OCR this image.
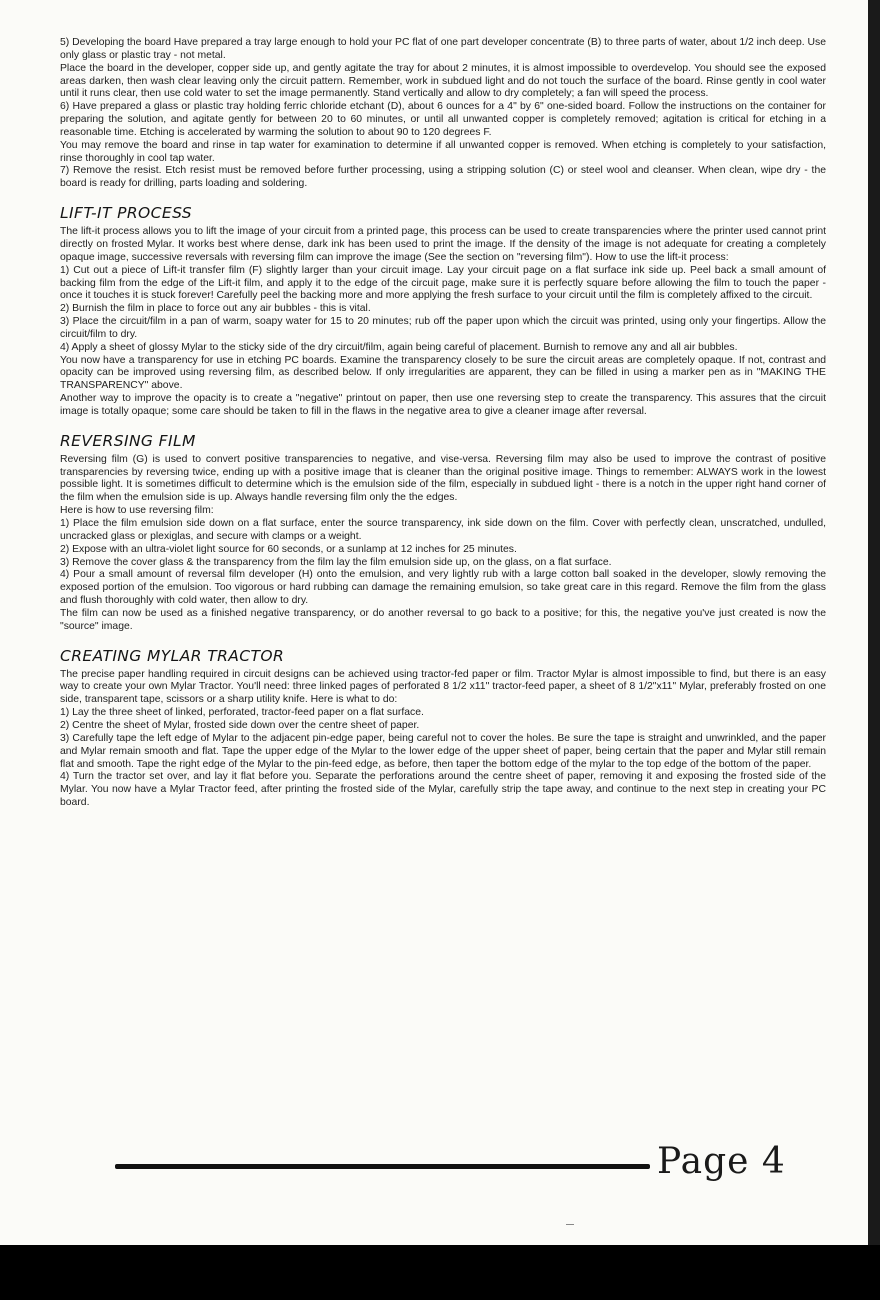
5) Developing the board Have prepared a tray large enough to hold your PC flat of one part developer concentrate (B) to three parts of water, about 1/2 inch deep. Use only glass or plastic tray - not metal.

Place the board in the developer, copper side up, and gently agitate the tray for about 2 minutes, it is almost impossible to overdevelop. You should see the exposed areas darken, then wash clear leaving only the circuit pattern. Remember, work in subdued light and do not touch the surface of the board. Rinse gently in cool water until it runs clear, then use cold water to set the image permanently. Stand vertically and allow to dry completely; a fan will speed the process.

6) Have prepared a glass or plastic tray holding ferric chloride etchant (D), about 6 ounces for a 4" by 6" one-sided board. Follow the instructions on the container for preparing the solution, and agitate gently for between 20 to 60 minutes, or until all unwanted copper is completely removed; agitation is critical for etching in a reasonable time. Etching is accelerated by warming the solution to about 90 to 120 degrees F.

You may remove the board and rinse in tap water for examination to determine if all unwanted copper is removed. When etching is completely to your satisfaction, rinse thoroughly in cool tap water.

7) Remove the resist. Etch resist must be removed before further processing, using a stripping solution (C) or steel wool and cleanser. When clean, wipe dry - the board is ready for drilling, parts loading and soldering.

LIFT-IT PROCESS

The lift-it process allows you to lift the image of your circuit from a printed page, this process can be used to create transparencies where the printer used cannot print directly on frosted Mylar. It works best where dense, dark ink has been used to print the image. If the density of the image is not adequate for creating a completely opaque image, successive reversals with reversing film can improve the image (See the section on "reversing film"). How to use the lift-it process:

1) Cut out a piece of Lift-it transfer film (F) slightly larger than your circuit image. Lay your circuit page on a flat surface ink side up. Peel back a small amount of backing film from the edge of the Lift-it film, and apply it to the edge of the circuit page, make sure it is perfectly square before allowing the film to touch the paper - once it touches it is stuck forever! Carefully peel the backing more and more applying the fresh surface to your circuit until the film is completely affixed to the circuit.

2) Burnish the film in place to force out any air bubbles - this is vital.

3) Place the circuit/film in a pan of warm, soapy water for 15 to 20 minutes; rub off the paper upon which the circuit was printed, using only your fingertips. Allow the circuit/film to dry.

4) Apply a sheet of glossy Mylar to the sticky side of the dry circuit/film, again being careful of placement. Burnish to remove any and all air bubbles.

You now have a transparency for use in etching PC boards. Examine the transparency closely to be sure the circuit areas are completely opaque. If not, contrast and opacity can be improved using reversing film, as described below. If only irregularities are apparent, they can be filled in using a marker pen as in "MAKING THE TRANSPARENCY" above.

Another way to improve the opacity is to create a "negative" printout on paper, then use one reversing step to create the transparency. This assures that the circuit image is totally opaque; some care should be taken to fill in the flaws in the negative area to give a cleaner image after reversal.

REVERSING FILM

Reversing film (G) is used to convert positive transparencies to negative, and vise-versa. Reversing film may also be used to improve the contrast of positive transparencies by reversing twice, ending up with a positive image that is cleaner than the original positive image. Things to remember: ALWAYS work in the lowest possible light. It is sometimes difficult to determine which is the emulsion side of the film, especially in subdued light - there is a notch in the upper right hand corner of the film when the emulsion side is up. Always handle reversing film only the the edges.

Here is how to use reversing film:

1) Place the film emulsion side down on a flat surface, enter the source transparency, ink side down on the film. Cover with perfectly clean, unscratched, undulled, uncracked glass or plexiglas, and secure with clamps or a weight.

2) Expose with an ultra-violet light source for 60 seconds, or a sunlamp at 12 inches for 25 minutes.

3) Remove the cover glass & the transparency from the film lay the film emulsion side up, on the glass, on a flat surface.

4) Pour a small amount of reversal film developer (H) onto the emulsion, and very lightly rub with a large cotton ball soaked in the developer, slowly removing the exposed portion of the emulsion. Too vigorous or hard rubbing can damage the remaining emulsion, so take great care in this regard. Remove the film from the glass and flush thoroughly with cold water, then allow to dry.

The film can now be used as a finished negative transparency, or do another reversal to go back to a positive; for this, the negative you've just created is now the "source" image.

CREATING MYLAR TRACTOR

The precise paper handling required in circuit designs can be achieved using tractor-fed paper or film. Tractor Mylar is almost impossible to find, but there is an easy way to create your own Mylar Tractor. You'll need: three linked pages of perforated 8 1/2 x11" tractor-feed paper, a sheet of 8 1/2"x11" Mylar, preferably frosted on one side, transparent tape, scissors or a sharp utility knife. Here is what to do:

1) Lay the three sheet of linked, perforated, tractor-feed paper on a flat surface.

2) Centre the sheet of Mylar, frosted side down over the centre sheet of paper.

3) Carefully tape the left edge of Mylar to the adjacent pin-edge paper, being careful not to cover the holes. Be sure the tape is straight and unwrinkled, and the paper and Mylar remain smooth and flat. Tape the upper edge of the Mylar to the lower edge of the upper sheet of paper, being certain that the paper and Mylar still remain flat and smooth. Tape the right edge of the Mylar to the pin-feed edge, as before, then taper the bottom edge of the mylar to the top edge of the bottom of the paper.

4) Turn the tractor set over, and lay it flat before you. Separate the perforations around the centre sheet of paper, removing it and exposing the frosted side of the Mylar. You now have a Mylar Tractor feed, after printing the frosted side of the Mylar, carefully strip the tape away, and continue to the next step in creating your PC board.

Page 4
